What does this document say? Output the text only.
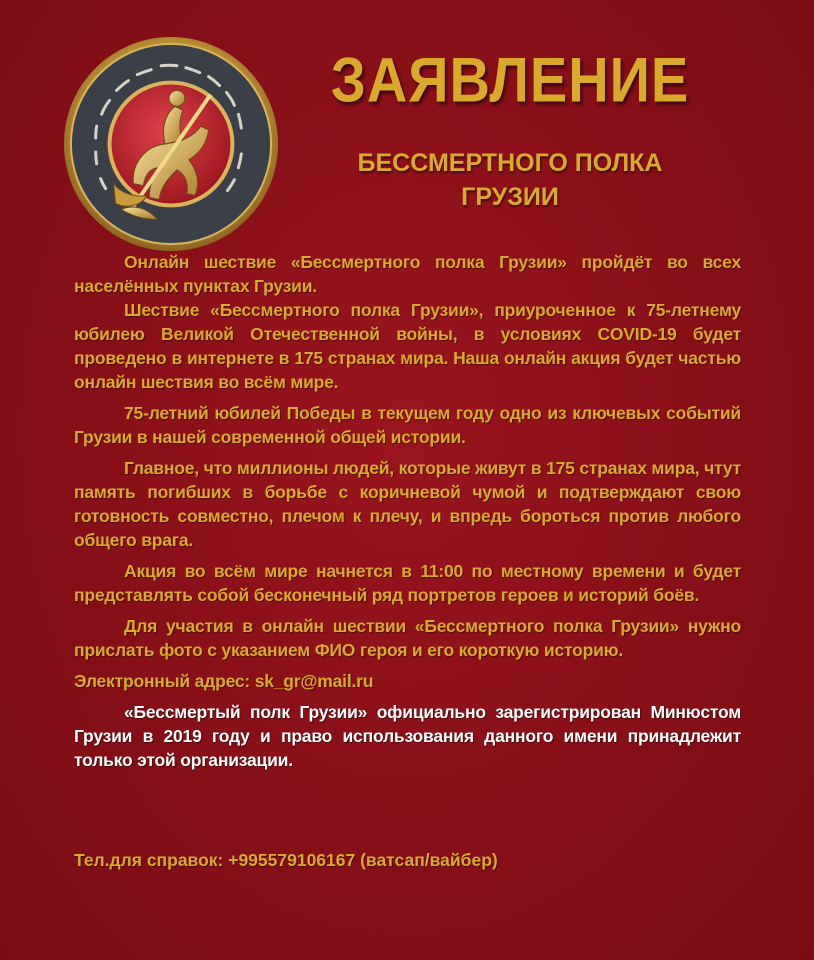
ЗАЯВЛЕНИЕ
БЕССМЕРТНОГО ПОЛКА
ГРУЗИИ

Онлайн шествие «Бессмертного полка Грузии» пройдёт во всех населённых пунктах Грузии.

Шествие «Бессмертного полка Грузии», приуроченное к 75-летнему юбилею Великой Отечественной войны, в условиях COVID-19 будет проведено в интернете в 175 странах мира. Наша онлайн акция будет частью онлайн шествия во всём мире.

75-летний юбилей Победы в текущем году одно из ключевых событий Грузии в нашей современной общей истории.

Главное, что миллионы людей, которые живут в 175 странах мира, чтут память погибших в борьбе с коричневой чумой и подтверждают свою готовность совместно, плечом к плечу, и впредь бороться против любого общего врага.

Акция во всём мире начнется в 11:00 по местному времени и будет представлять собой бесконечный ряд портретов героев и историй боёв.

Для участия в онлайн шествии «Бессмертного полка Грузии» нужно прислать фото с указанием ФИО героя и его короткую историю.

Электронный адрес: sk_gr@mail.ru

«Бессмертый полк Грузии» официально зарегистрирован Минюстом Грузии в 2019 году и право использования данного имени принадлежит только этой организации.

Тел.для справок: +995579106167 (ватсап/вайбер)
